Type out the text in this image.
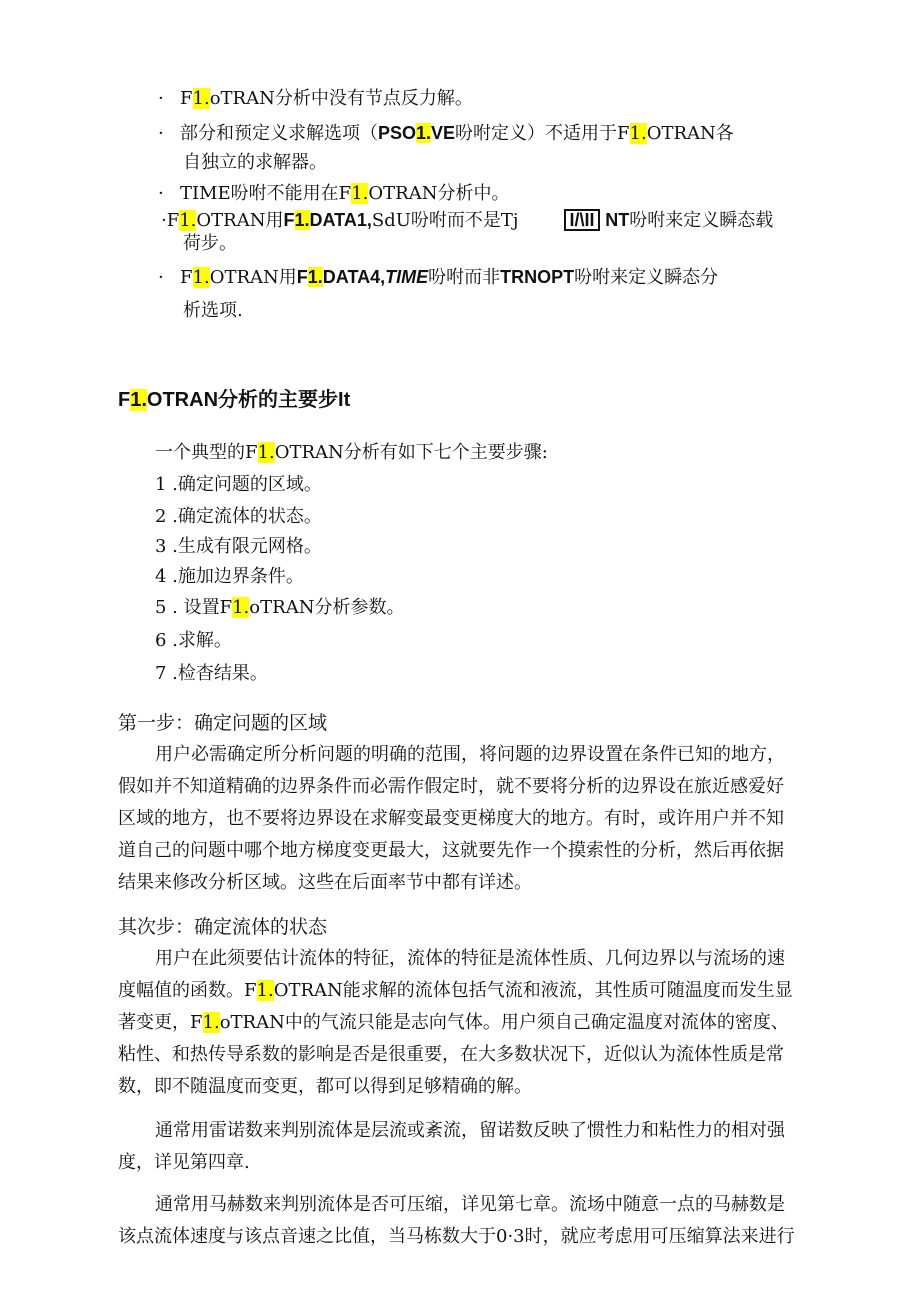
· F1.oTRAN分析中没有节点反力解。
· 部分和预定义求解选项（PSO1.VE吩咐定义）不适用于F1.OTRAN各
自独立的求解器。
· TIME吩咐不能用在F1.OTRAN分析中。
·F1.OTRAN用F1.DATA1,SdU吩咐而不是Tj	I/\II NT吩咐来定义瞬态载
荷步。
· F1.OTRAN用F1.DATA4,TIME吩咐而非TRNOPT吩咐来定义瞬态分
析选项.
F1.OTRAN分析的主要步It
一个典型的F1.OTRAN分析有如下七个主要步骤:
1 .确定问题的区域。
2 .确定流体的状态。
3 .生成有限元网格。
4 .施加边界条件。
5 . 设置F1.oTRAN分析参数。
6 .求解。
7 .检杳结果。
第一步：确定问题的区域
用户必需确定所分析问题的明确的范围，将问题的边界设置在条件已知的地方，
假如并不知道精确的边界条件而必需作假定时，就不要将分析的边界设在旅近感爱好
区域的地方，也不要将边界设在求解变最变更梯度大的地方。有时，或许用户并不知
道自己的问题中哪个地方梯度变更最大，这就要先作一个摸索性的分析，然后再依据
结果来修改分析区域。这些在后面率节中都有详述。
其次步：确定流体的状态
用户在此须要估计流体的特征，流体的特征是流体性质、几何边界以与流场的速
度幅值的函数。F1.OTRAN能求解的流体包括气流和液流，其性质可随温度而发生显
著变更，F1.oTRAN中的气流只能是志向气体。用户须自己确定温度对流体的密度、
粘性、和热传导系数的影响是否是很重要，在大多数状况下，近似认为流体性质是常
数，即不随温度而变更，都可以得到足够精确的解。
通常用雷诺数来判别流体是层流或紊流，留诺数反映了惯性力和粘性力的相对强
度，详见第四章.
通常用马赫数来判别流体是否可压缩，详见第七章。流场中随意一点的马赫数是
该点流体速度与该点音速之比值，当马栋数大于0·3时，就应考虑用可压缩算法来进行
